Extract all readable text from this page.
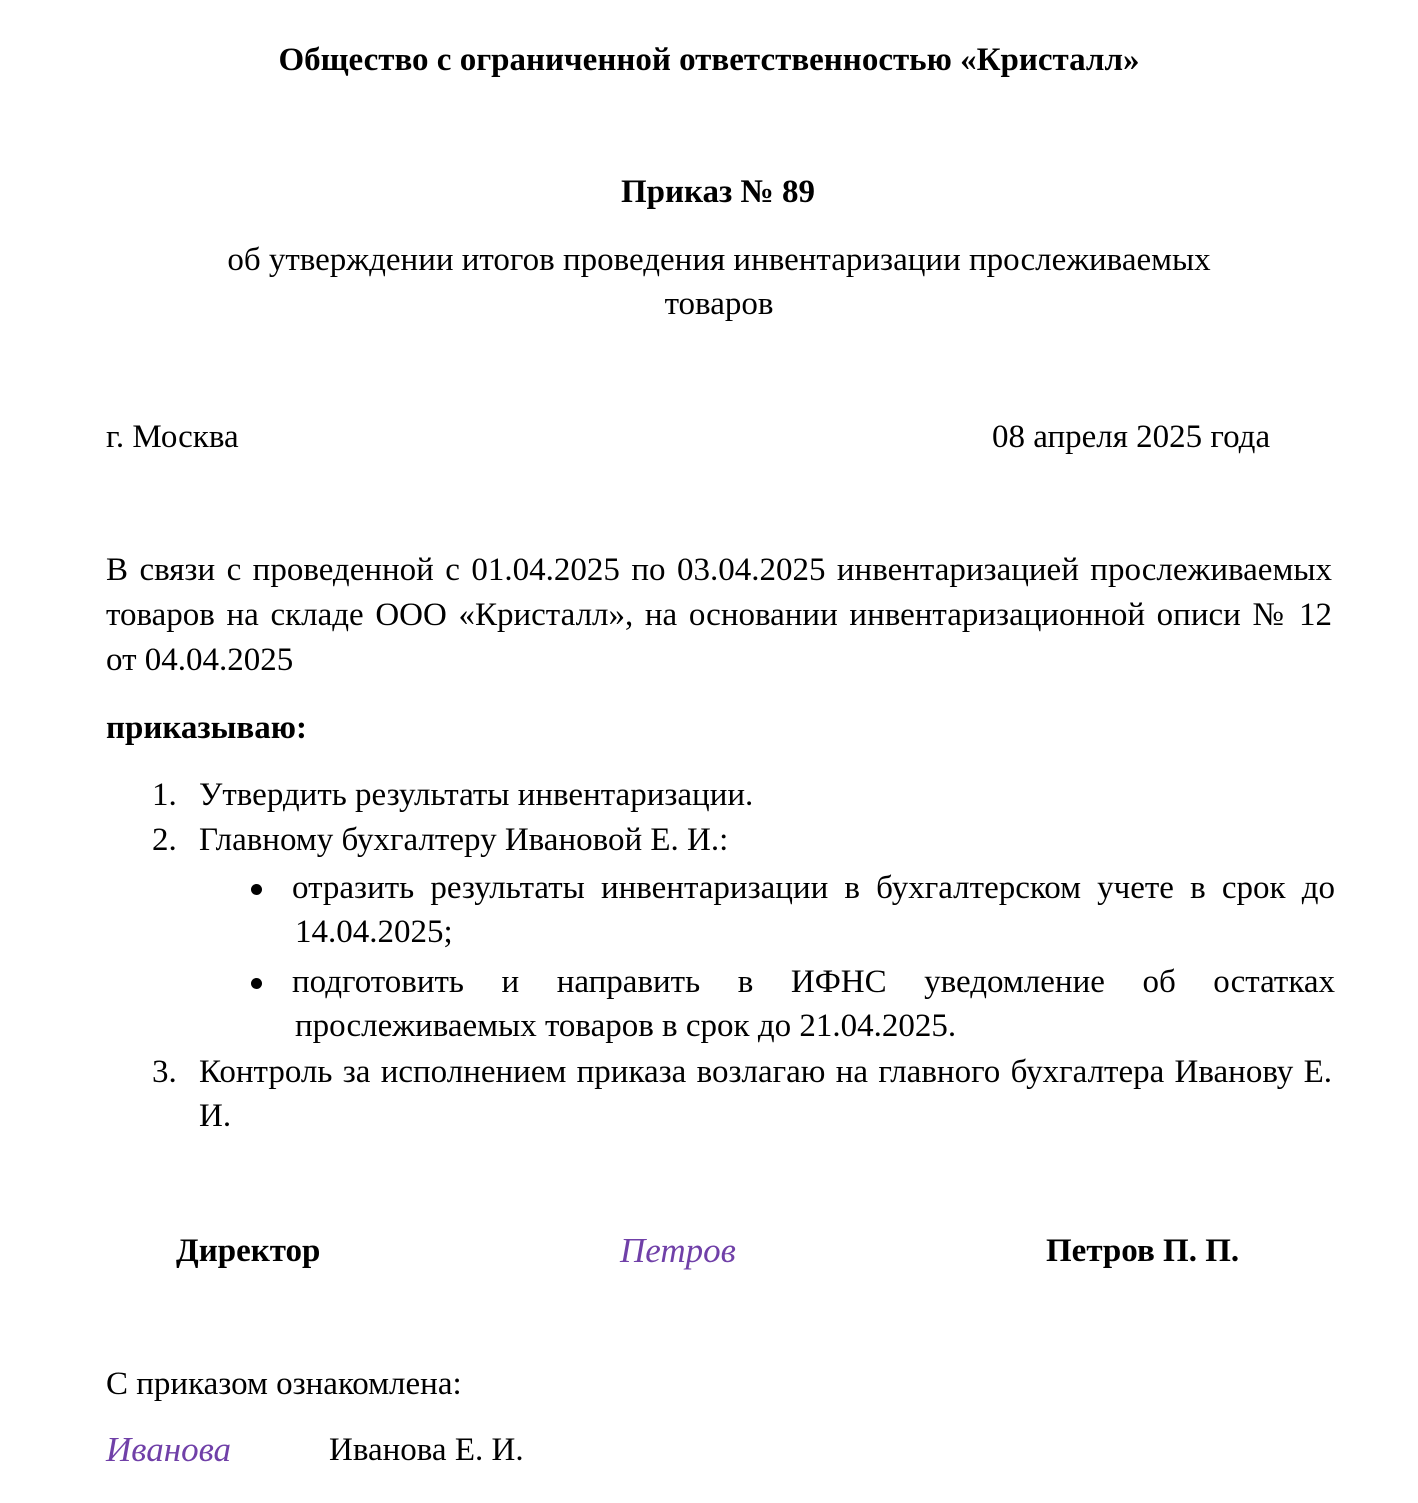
Общество с ограниченной ответственностью «Кристалл»
Приказ № 89
об утверждении итогов проведения инвентаризации прослеживаемых
товаров
г. Москва	08 апреля 2025 года
В связи с проведенной с 01.04.2025 по 03.04.2025 инвентаризацией прослеживаемых товаров на складе ООО «Кристалл», на основании инвентаризационной описи № 12 от 04.04.2025
приказываю:
1. Утвердить результаты инвентаризации.
2. Главному бухгалтеру Ивановой Е. И.:
отразить результаты инвентаризации в бухгалтерском учете в срок до 14.04.2025;
подготовить и направить в ИФНС уведомление об остатках прослеживаемых товаров в срок до 21.04.2025.
3. Контроль за исполнением приказа возлагаю на главного бухгалтера Иванову Е. И.
Директор	Петров	Петров П. П.
С приказом ознакомлена:
Иванова	Иванова Е. И.
